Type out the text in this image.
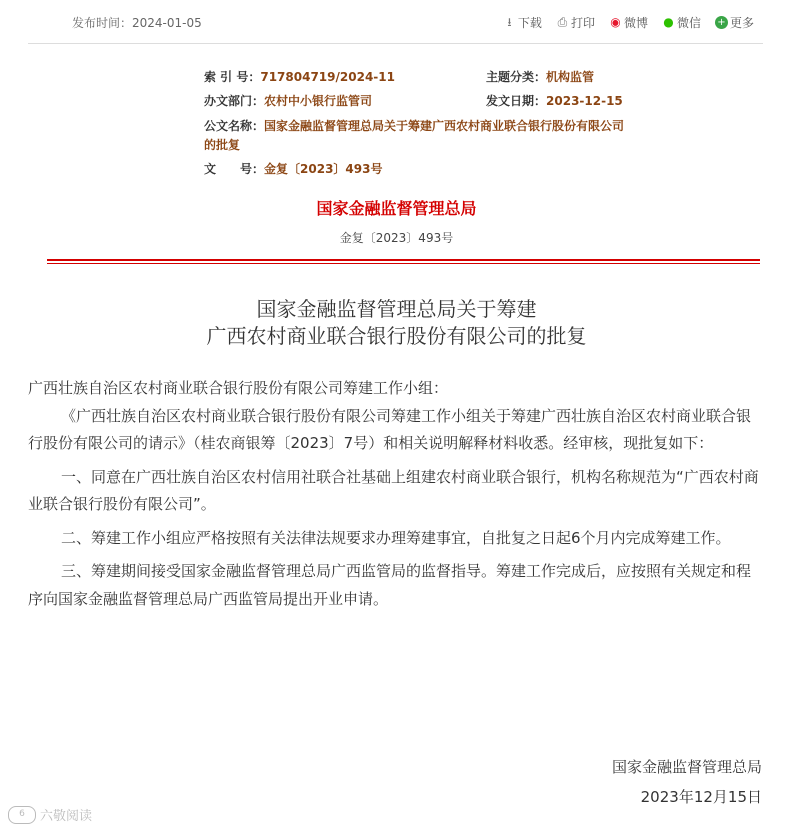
发布时间：2024-01-05	⭳ 下载 ⎙ 打印 ◉ 微博 ● 微信 + 更多
索 引 号：717804719/2024-11	主题分类：机构监管
办文部门：农村中小银行监管司	发文日期：2023-12-15
公文名称：国家金融监督管理总局关于筹建广西农村商业联合银行股份有限公司
的批复
文　　号：金复〔2023〕493号
国家金融监督管理总局
金复〔2023〕493号
国家金融监督管理总局关于筹建
广西农村商业联合银行股份有限公司的批复

广西壮族自治区农村商业联合银行股份有限公司筹建工作小组：

《广西壮族自治区农村商业联合银行股份有限公司筹建工作小组关于筹建广西壮族自治区农村商业联合银行股份有限公司的请示》（桂农商银筹〔2023〕7号）和相关说明解释材料收悉。经审核，现批复如下：

一、同意在广西壮族自治区农村信用社联合社基础上组建农村商业联合银行，机构名称规范为“广西农村商业联合银行股份有限公司”。

二、筹建工作小组应严格按照有关法律法规要求办理筹建事宜，自批复之日起6个月内完成筹建工作。

三、筹建期间接受国家金融监督管理总局广西监管局的监督指导。筹建工作完成后，应按照有关规定和程序向国家金融监督管理总局广西监管局提出开业申请。

国家金融监督管理总局
2023年12月15日
6	六敬阅读
